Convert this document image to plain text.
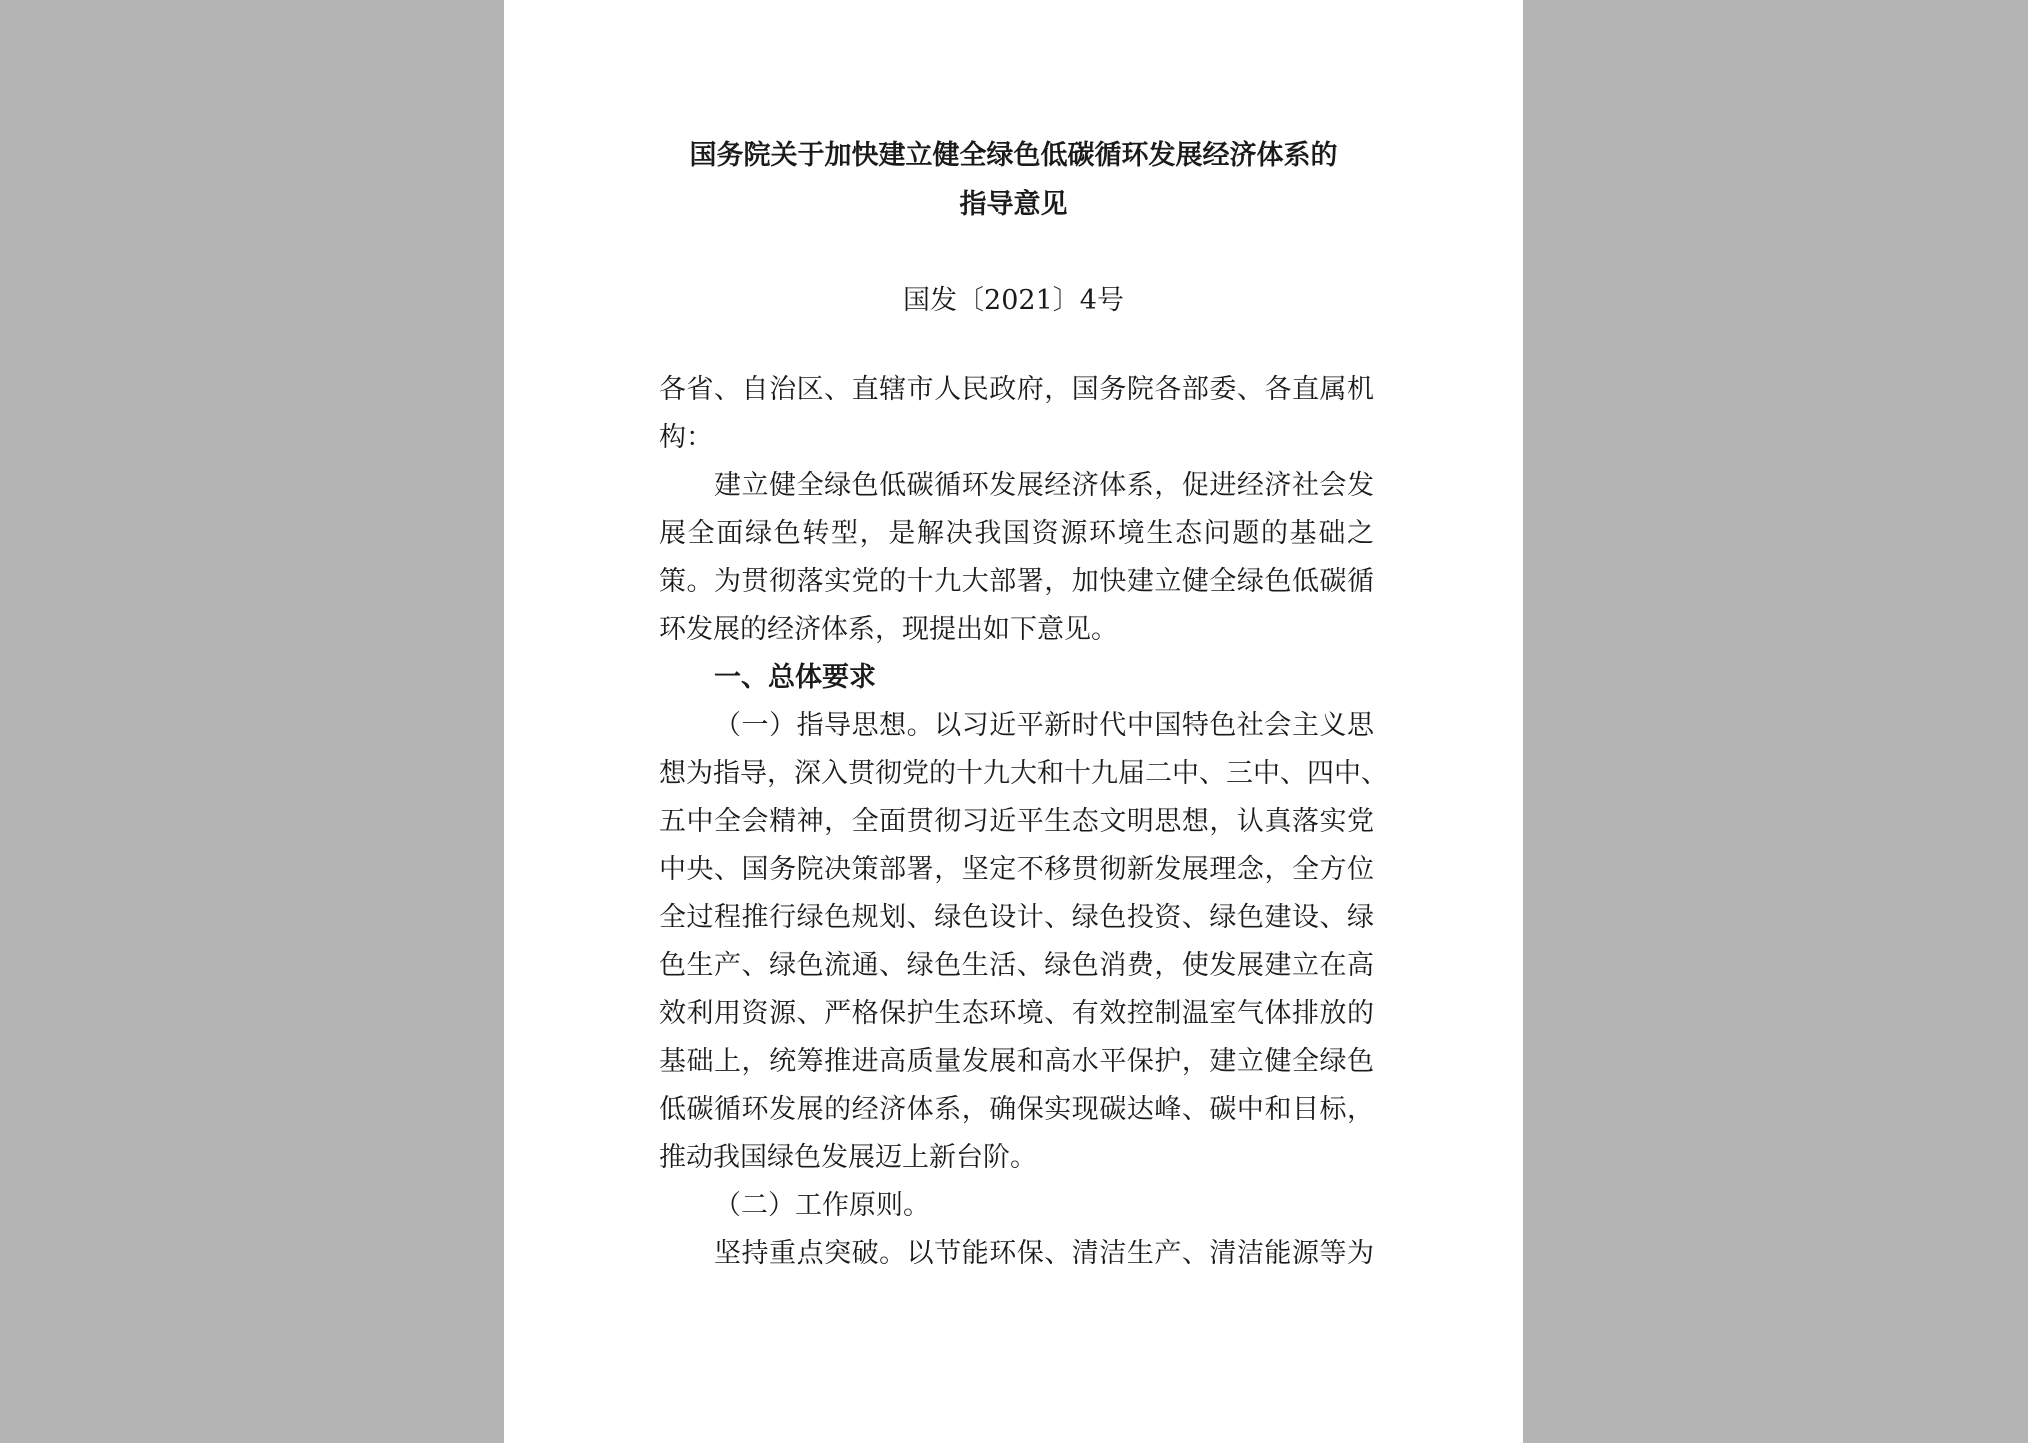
国务院关于加快建立健全绿色低碳循环发展经济体系的
指导意见
国发〔2021〕4号
各省、自治区、直辖市人民政府，国务院各部委、各直属机
构：
建立健全绿色低碳循环发展经济体系，促进经济社会发
展全面绿色转型，是解决我国资源环境生态问题的基础之
策。为贯彻落实党的十九大部署，加快建立健全绿色低碳循
环发展的经济体系，现提出如下意见。
一、总体要求
（一）指导思想。以习近平新时代中国特色社会主义思
想为指导，深入贯彻党的十九大和十九届二中、三中、四中、
五中全会精神，全面贯彻习近平生态文明思想，认真落实党
中央、国务院决策部署，坚定不移贯彻新发展理念，全方位
全过程推行绿色规划、绿色设计、绿色投资、绿色建设、绿
色生产、绿色流通、绿色生活、绿色消费，使发展建立在高
效利用资源、严格保护生态环境、有效控制温室气体排放的
基础上，统筹推进高质量发展和高水平保护，建立健全绿色
低碳循环发展的经济体系，确保实现碳达峰、碳中和目标，
推动我国绿色发展迈上新台阶。
（二）工作原则。
坚持重点突破。以节能环保、清洁生产、清洁能源等为
